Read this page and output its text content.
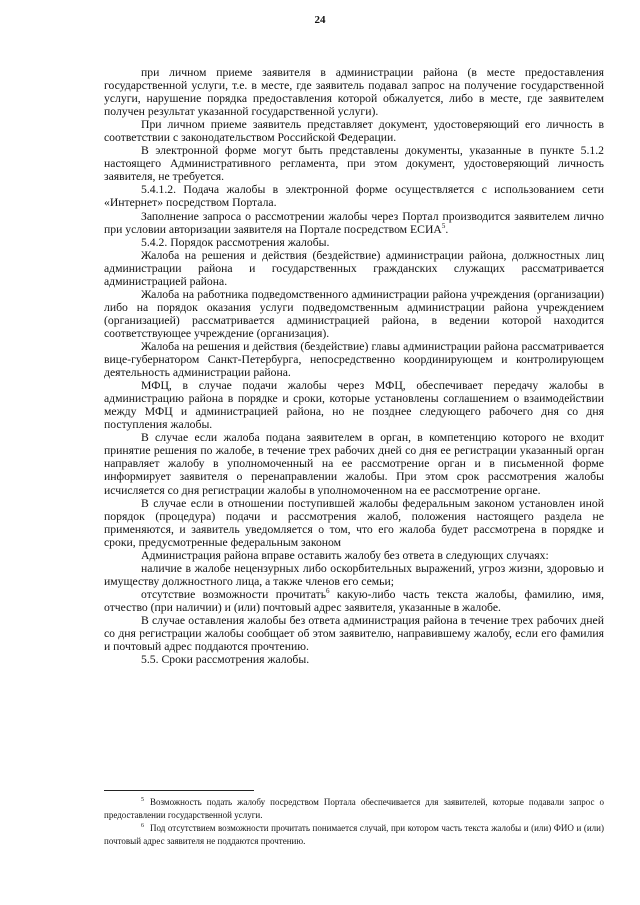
24

при личном приеме заявителя в администрации района (в месте предоставления государственной услуги, т.е. в месте, где заявитель подавал запрос на получение государственной услуги, нарушение порядка предоставления которой обжалуется, либо в месте, где заявителем получен результат указанной государственной услуги).

При личном приеме заявитель представляет документ, удостоверяющий его личность в соответствии с законодательством Российской Федерации.

В электронной форме могут быть представлены документы, указанные в пункте 5.1.2 настоящего Административного регламента, при этом документ, удостоверяющий личность заявителя, не требуется.

5.4.1.2. Подача жалобы в электронной форме осуществляется с использованием сети «Интернет» посредством Портала.

Заполнение запроса о рассмотрении жалобы через Портал производится заявителем лично при условии авторизации заявителя на Портале посредством ЕСИА$^5$.

5.4.2. Порядок рассмотрения жалобы.

Жалоба на решения и действия (бездействие) администрации района, должностных лиц администрации района и государственных гражданских служащих рассматривается администрацией района.

Жалоба на работника подведомственного администрации района учреждения (организации) либо на порядок оказания услуги подведомственным администрации района учреждением (организацией) рассматривается администрацией района, в ведении которой находится соответствующее учреждение (организация).

Жалоба на решения и действия (бездействие) главы администрации района рассматривается вице-губернатором Санкт-Петербурга, непосредственно координирующем и контролирующем деятельность администрации района.

МФЦ, в случае подачи жалобы через МФЦ, обеспечивает передачу жалобы в администрацию района в порядке и сроки, которые установлены соглашением о взаимодействии между МФЦ и администрацией района, но не позднее следующего рабочего дня со дня поступления жалобы.

В случае если жалоба подана заявителем в орган, в компетенцию которого не входит принятие решения по жалобе, в течение трех рабочих дней со дня ее регистрации указанный орган направляет жалобу в уполномоченный на ее рассмотрение орган и в письменной форме информирует заявителя о перенаправлении жалобы. При этом срок рассмотрения жалобы исчисляется со дня регистрации жалобы в уполномоченном на ее рассмотрение органе.

В случае если в отношении поступившей жалобы федеральным законом установлен иной порядок (процедура) подачи и рассмотрения жалоб, положения настоящего раздела не применяются, и заявитель уведомляется о том, что его жалоба будет рассмотрена в порядке и сроки, предусмотренные федеральным законом

Администрация района вправе оставить жалобу без ответа в следующих случаях:

наличие в жалобе нецензурных либо оскорбительных выражений, угроз жизни, здоровью и имуществу должностного лица, а также членов его семьи;

отсутствие возможности прочитать$^6$ какую-либо часть текста жалобы, фамилию, имя, отчество (при наличии) и (или) почтовый адрес заявителя, указанные в жалобе.

В случае оставления жалобы без ответа администрация района в течение трех рабочих дней со дня регистрации жалобы сообщает об этом заявителю, направившему жалобу, если его фамилия и почтовый адрес поддаются прочтению.

5.5. Сроки рассмотрения жалобы.

$^5$ Возможность подать жалобу посредством Портала обеспечивается для заявителей, которые подавали запрос о предоставлении государственной услуги.

$^6$ Под отсутствием возможности прочитать понимается случай, при котором часть текста жалобы и (или) ФИО и (или) почтовый адрес заявителя не поддаются прочтению.
